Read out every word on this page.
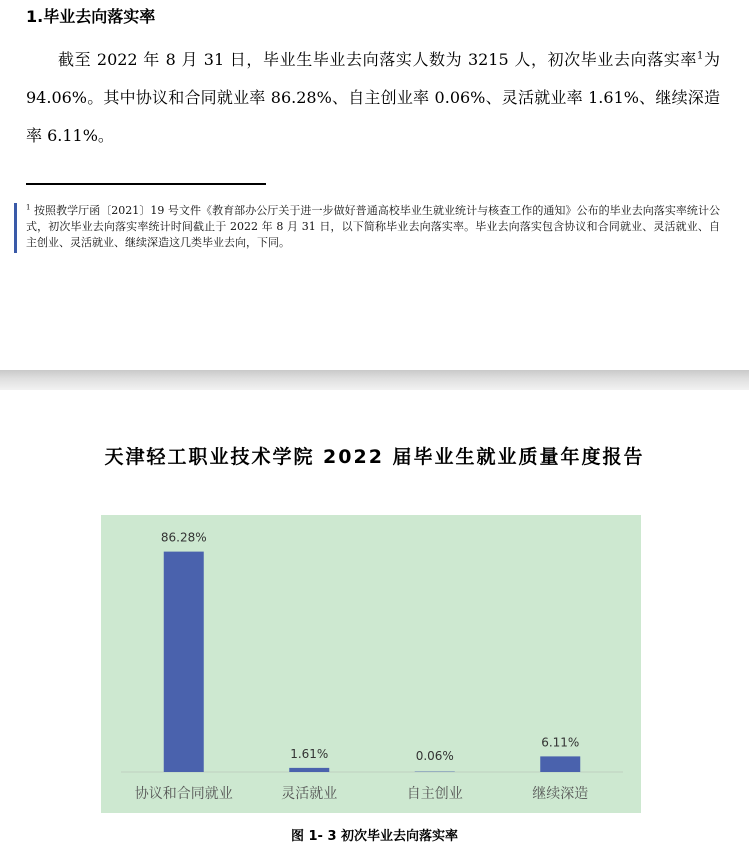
1.毕业去向落实率

截至 2022 年 8 月 31 日，毕业生毕业去向落实人数为 3215 人，初次毕业去向落实率$^1$为 94.06%。其中协议和合同就业率 86.28%、自主创业率 0.06%、灵活就业率 1.61%、继续深造率 6.11%。

$^1$ 按照教学厅函〔2021〕19 号文件《教育部办公厅关于进一步做好普通高校毕业生就业统计与核查工作的通知》公布的毕业去向落实率统计公式，初次毕业去向落实率统计时间截止于 2022 年 8 月 31 日，以下简称毕业去向落实率。毕业去向落实包含协议和合同就业、灵活就业、自主创业、灵活就业、继续深造这几类毕业去向，下同。

天津轻工职业技术学院 2022 届毕业生就业质量年度报告
86.28%
协议和合同就业
1.61%
灵活就业
0.06%
自主创业
6.11%
继续深造

图 1- 3 初次毕业去向落实率
